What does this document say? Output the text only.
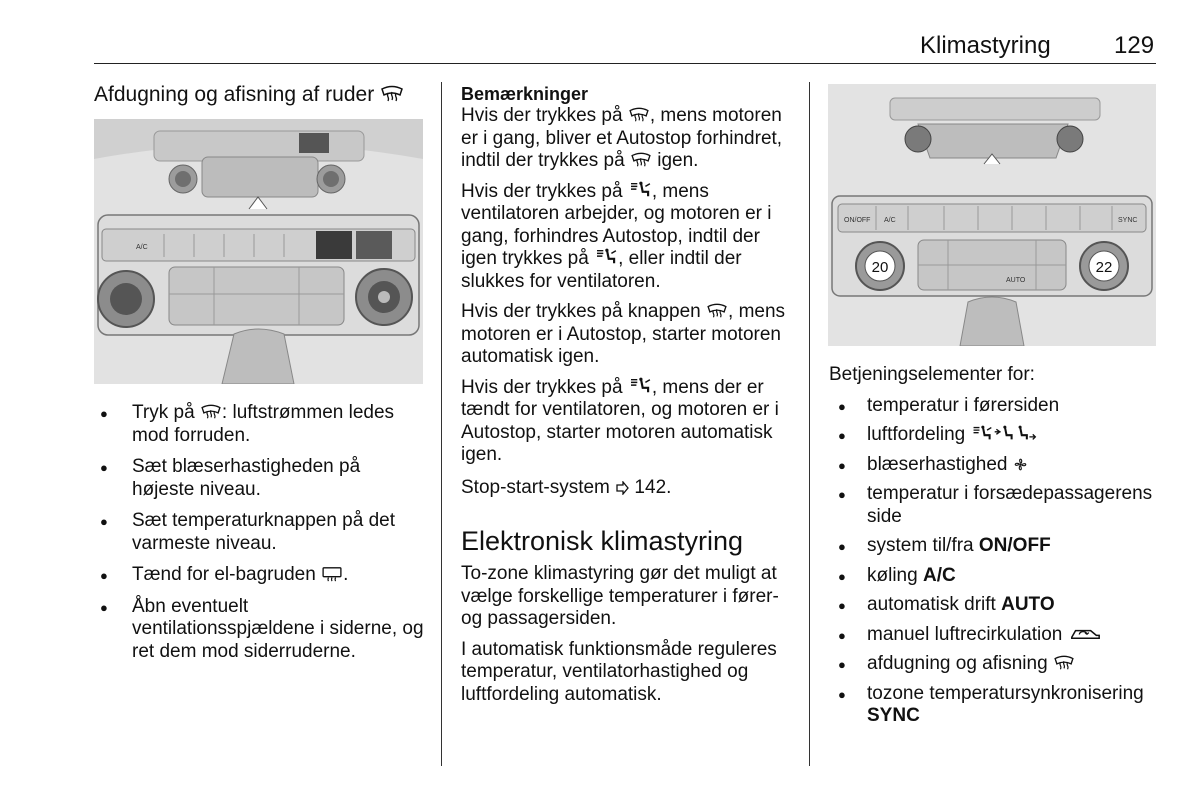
Klimastyring	129

Afdugning og afisning af ruder

A/C
● Tryk på : luftstrømmen ledes mod forruden.
● Sæt blæserhastigheden på højeste niveau.
● Sæt temperaturknappen på det varmeste niveau.
● Tænd for el-bagruden .
● Åbn eventuelt ventilationsspjældene i siderne, og ret dem mod siderruderne.

Bemærkninger

Hvis der trykkes på , mens motoren er i gang, bliver et Autostop forhindret, indtil der trykkes på  igen.

Hvis der trykkes på , mens ventilatoren arbejder, og motoren er i gang, forhindres Autostop, indtil der igen trykkes på , eller indtil der slukkes for ventilatoren.

Hvis der trykkes på knappen , mens motoren er i Autostop, starter motoren automatisk igen.

Hvis der trykkes på , mens der er tændt for ventilatoren, og motoren er i Autostop, starter motoren automatisk igen.

Stop-start-system  142.

Elektronisk klimastyring

To-zone klimastyring gør det muligt at vælge forskellige temperaturer i fører- og passagersiden.

I automatisk funktionsmåde reguleres temperatur, ventilatorhastighed og luftfordeling automatisk.

ON/OFF A/C	SYNC
20	22
AUTO

Betjeningselementer for:

● temperatur i førersiden
● luftfordeling
● blæserhastighed
● temperatur i forsædepassagerens side
● system til/fra ON/OFF
● køling A/C
● automatisk drift AUTO
● manuel luftrecirkulation
● afdugning og afisning
● tozone temperatursynkronisering SYNC
